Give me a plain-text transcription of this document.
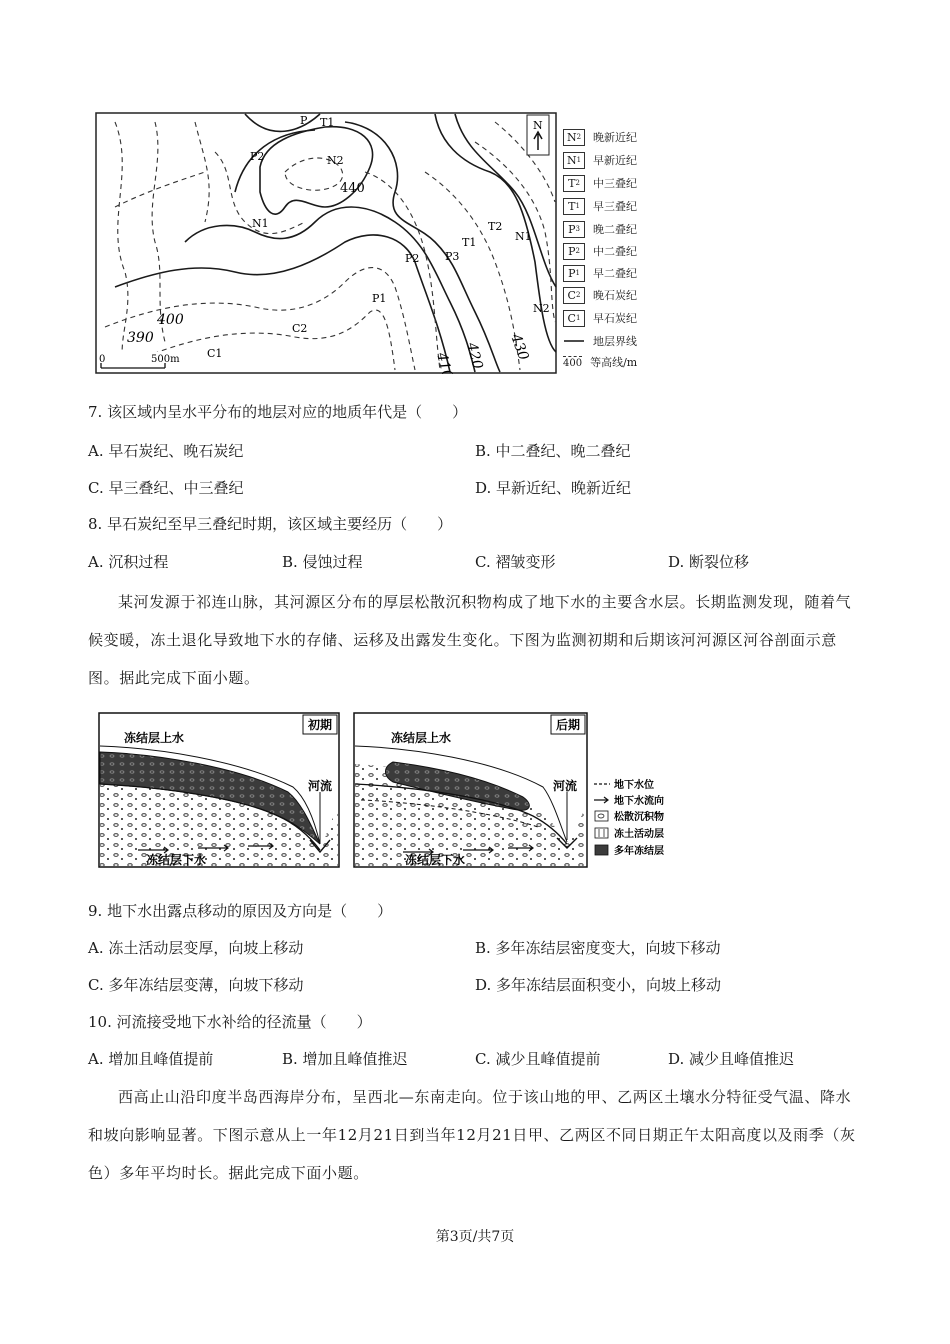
P T1
P2	N2
440
N1	T2
N1
T1
P2 P3
P1
C2
C1
N2
400
390
410 420 430
N
0	500m
N 2 晚新近纪
N 1 早新近纪
T 2 中三叠纪
T 1 早三叠纪
P 3 晚二叠纪
P 2 中二叠纪
P 1 早二叠纪
C 2 晚石炭纪
C 1 早石炭纪
地层界线
400 等高线/m
7. 该区域内呈水平分布的地层对应的地质年代是（　　）
A. 早石炭纪、晚石炭纪	B. 中二叠纪、晚二叠纪
C. 早三叠纪、中三叠纪	D. 早新近纪、晚新近纪
8. 早石炭纪至早三叠纪时期，该区域主要经历（　　）
A. 沉积过程	B. 侵蚀过程	C. 褶皱变形	D. 断裂位移
某河发源于祁连山脉，其河源区分布的厚层松散沉积物构成了地下水的主要含水层。长期监测发现，随着气候变暖，冻土退化导致地下水的存储、运移及出露发生变化。下图为监测初期和后期该河河源区河谷剖面示意图。据此完成下面小题。
初期
冻结层上水
河流
冻结层下水
后期
冻结层上水
河流
冻结层下水
地下水位
地下水流向
松散沉积物
冻土活动层
多年冻结层
9. 地下水出露点移动的原因及方向是（　　）
A. 冻土活动层变厚，向坡上移动	B. 多年冻结层密度变大，向坡下移动
C. 多年冻结层变薄，向坡下移动	D. 多年冻结层面积变小，向坡上移动
10. 河流接受地下水补给的径流量（　　）
A. 增加且峰值提前	B. 增加且峰值推迟	C. 减少且峰值提前	D. 减少且峰值推迟
西高止山沿印度半岛西海岸分布，呈西北—东南走向。位于该山地的甲、乙两区土壤水分特征受气温、降水和坡向影响显著。下图示意从上一年12月21日到当年12月21日甲、乙两区不同日期正午太阳高度以及雨季（灰色）多年平均时长。据此完成下面小题。
第3页/共7页
